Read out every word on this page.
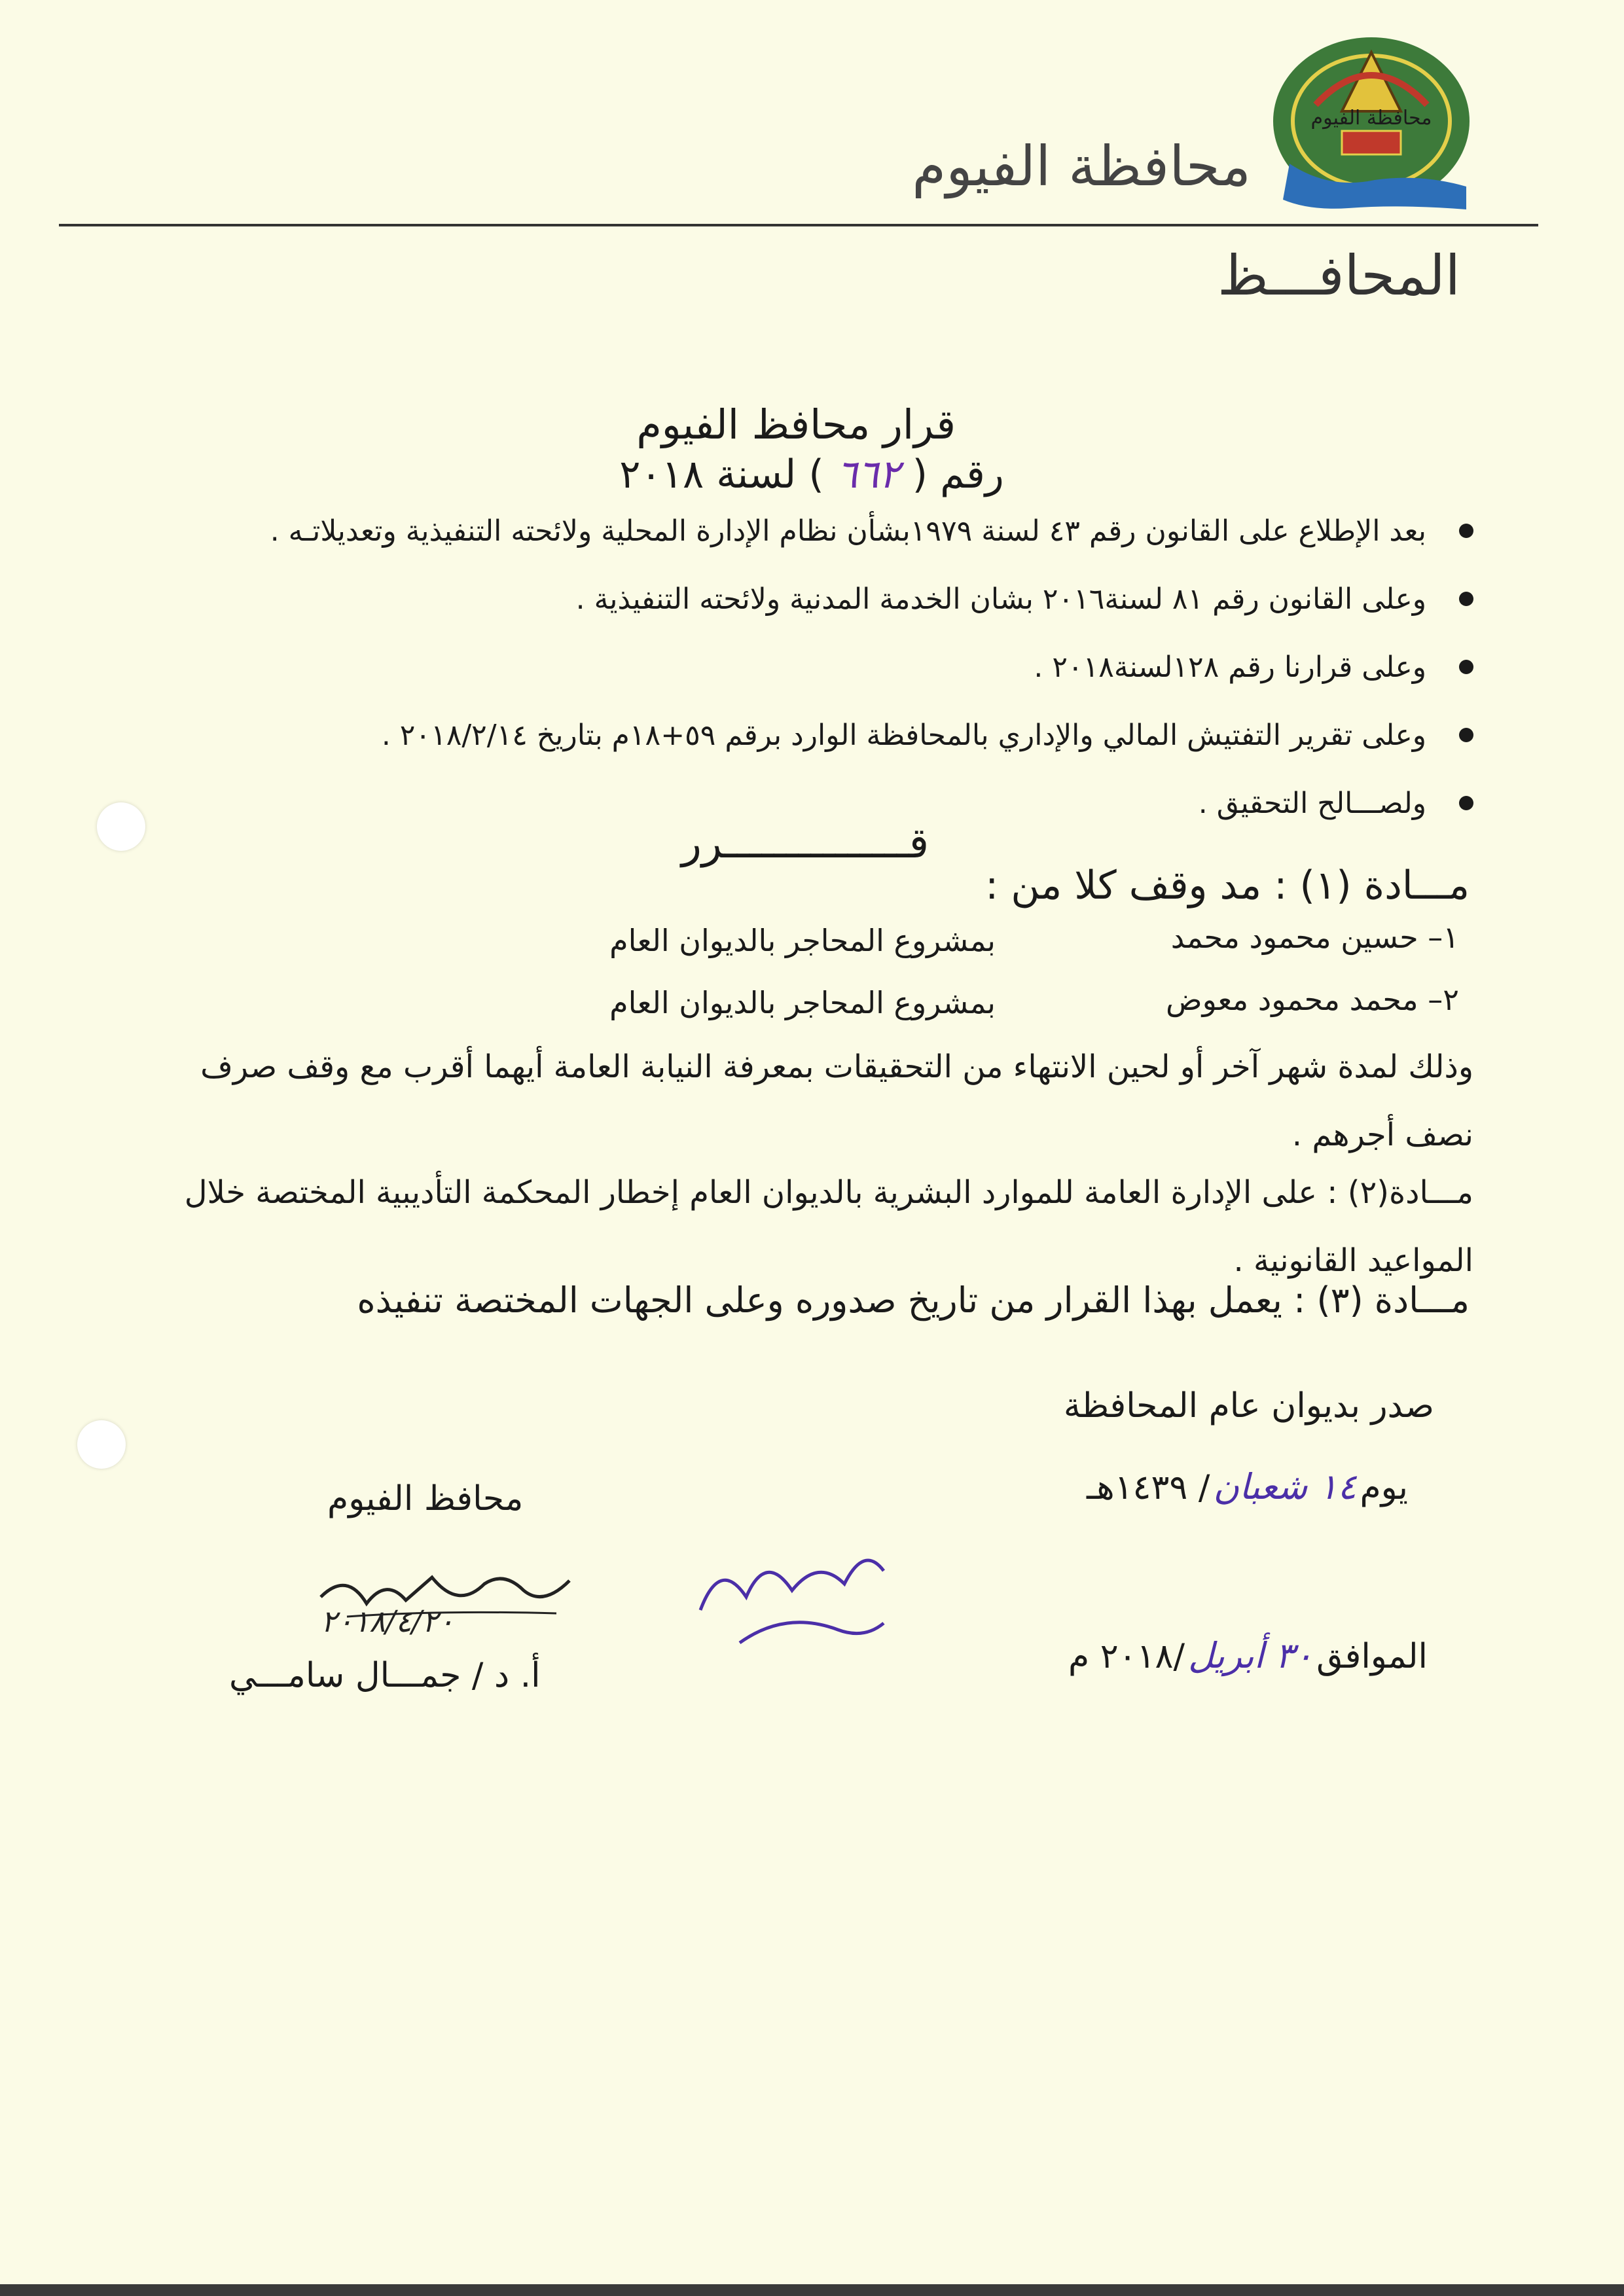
محافظة الفيوم
محافظة الفيوم
المحافـــظ
قرار محافظ الفيوم
رقم ( ٦٦٢ ) لسنة ٢٠١٨
بعد الإطلاع على القانون رقم ٤٣ لسنة ١٩٧٩بشأن نظام الإدارة المحلية ولائحته التنفيذية وتعديلاتـه .
وعلى القانون رقم ٨١ لسنة٢٠١٦ بشان الخدمة المدنية ولائحته التنفيذية .
وعلى قرارنا رقم ١٢٨لسنة٢٠١٨ .
وعلى تقرير التفتيش المالي والإداري بالمحافظة الوارد برقم ٥٩+١٨م بتاريخ ٢٠١٨/٢/١٤ .
ولصـــالح التحقيق .
قـــــــــــــــرر
مـــادة (١) : مد وقف كلا من :
١– حسين محمود محمد
بمشروع المحاجر بالديوان العام
٢– محمد محمود معوض
بمشروع المحاجر بالديوان العام
وذلك لمدة شهر آخر أو لحين الانتهاء من التحقيقات بمعرفة النيابة العامة أيهما أقرب مع وقف صرف نصف أجرهم .
مـــادة(٢) : على الإدارة العامة للموارد البشرية بالديوان العام إخطار المحكمة التأديبية المختصة خلال المواعيد القانونية .
مـــادة (٣) : يعمل بهذا القرار من تاريخ صدوره وعلى الجهات المختصة تنفيذه
صدر بديوان عام المحافظة
يوم ١٤ شعبان / ١٤٣٩هـ
الموافق ٣٠ أبريل /٢٠١٨ م
محافظ الفيوم
٢٠١٨/٤/٢٠
أ. د / جمـــال سامـــي
